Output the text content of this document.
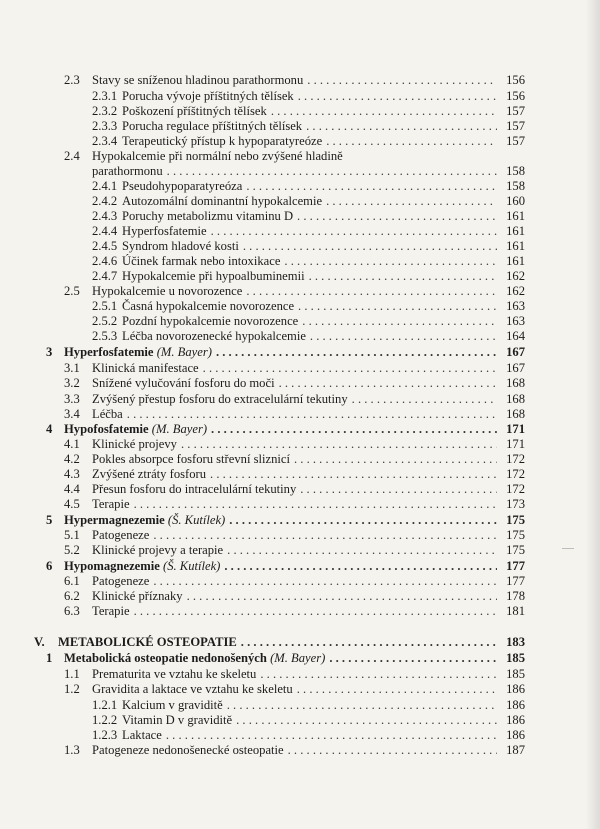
2.3 Stavy se sníženou hladinou parathormonu . . .	156
2.3.1 Porucha vývoje příštitných tělísek . . .	156
2.3.2 Poškození příštitných tělísek . . .	157
2.3.3 Porucha regulace příštitných tělísek . . .	157
2.3.4 Terapeutický přístup k hypoparatyreóze . . .	157
2.4 Hypokalcemie při normální nebo zvýšené hladině
parathormonu . . .	158
2.4.1 Pseudohypoparatyreóza . . .	158
2.4.2 Autozomální dominantní hypokalcemie . . .	160
2.4.3 Poruchy metabolizmu vitaminu D . . .	161
2.4.4 Hyperfosfatemie . . .	161
2.4.5 Syndrom hladové kosti . . .	161
2.4.6 Účinek farmak nebo intoxikace . . .	161
2.4.7 Hypokalcemie při hypoalbuminemii . . .	162
2.5 Hypokalcemie u novorozence . . .	162
2.5.1 Časná hypokalcemie novorozence . . .	163
2.5.2 Pozdní hypokalcemie novorozence . . .	163
2.5.3 Léčba novorozenecké hypokalcemie . . .	164
3 Hyperfosfatemie (M. Bayer) . . .	167
3.1 Klinická manifestace . . .	167
3.2 Snížené vylučování fosforu do moči . . .	168
3.3 Zvýšený přestup fosforu do extracelulární tekutiny . . .	168
3.4 Léčba . . .	168
4 Hypofosfatemie (M. Bayer) . . .	171
4.1 Klinické projevy . . .	171
4.2 Pokles absorpce fosforu střevní sliznicí . . .	172
4.3 Zvýšené ztráty fosforu . . .	172
4.4 Přesun fosforu do intracelulární tekutiny . . .	172
4.5 Terapie . . .	173
5 Hypermagnezemie (Š. Kutílek) . . .	175
5.1 Patogeneze . . .	175
5.2 Klinické projevy a terapie . . .	175
6 Hypomagnezemie (Š. Kutílek) . . .	177
6.1 Patogeneze . . .	177
6.2 Klinické příznaky . . .	178
6.3 Terapie . . .	181
V.	METABOLICKÉ OSTEOPATIE . . .	183
1 Metabolická osteopatie nedonošených (M. Bayer) . . .	185
1.1 Prematurita ve vztahu ke skeletu . . .	185
1.2 Gravidita a laktace ve vztahu ke skeletu . . .	186
1.2.1 Kalcium v graviditě . . .	186
1.2.2 Vitamin D v graviditě . . .	186
1.2.3 Laktace . . .	186
1.3 Patogeneze nedonošenecké osteopatie . . .	187
